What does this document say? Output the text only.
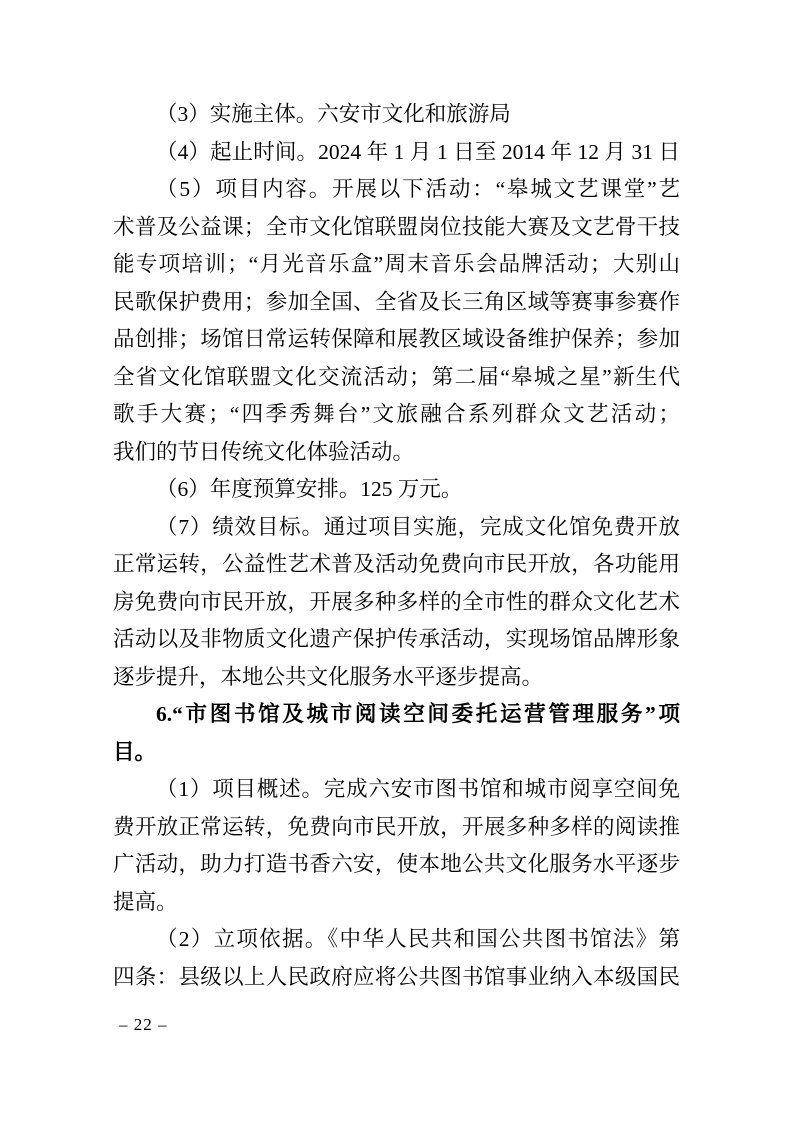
（3）实施主体。六安市文化和旅游局
（4）起止时间。2024 年 1 月 1 日至 2014 年 12 月 31 日
（5）项目内容。开展以下活动：“皋城文艺课堂”艺
术普及公益课；全市文化馆联盟岗位技能大赛及文艺骨干技
能专项培训；“月光音乐盒”周末音乐会品牌活动；大别山
民歌保护费用；参加全国、全省及长三角区域等赛事参赛作
品创排；场馆日常运转保障和展教区域设备维护保养；参加
全省文化馆联盟文化交流活动；第二届“皋城之星”新生代
歌手大赛；“四季秀舞台”文旅融合系列群众文艺活动；
我们的节日传统文化体验活动。
（6）年度预算安排。125 万元。
（7）绩效目标。通过项目实施，完成文化馆免费开放
正常运转，公益性艺术普及活动免费向市民开放，各功能用
房免费向市民开放，开展多种多样的全市性的群众文化艺术
活动以及非物质文化遗产保护传承活动，实现场馆品牌形象
逐步提升，本地公共文化服务水平逐步提高。
6.“市图书馆及城市阅读空间委托运营管理服务”项
目。
（1）项目概述。完成六安市图书馆和城市阅享空间免
费开放正常运转，免费向市民开放，开展多种多样的阅读推
广活动，助力打造书香六安，使本地公共文化服务水平逐步
提高。
（2）立项依据。《中华人民共和国公共图书馆法》第
四条：县级以上人民政府应将公共图书馆事业纳入本级国民
– 22 –
